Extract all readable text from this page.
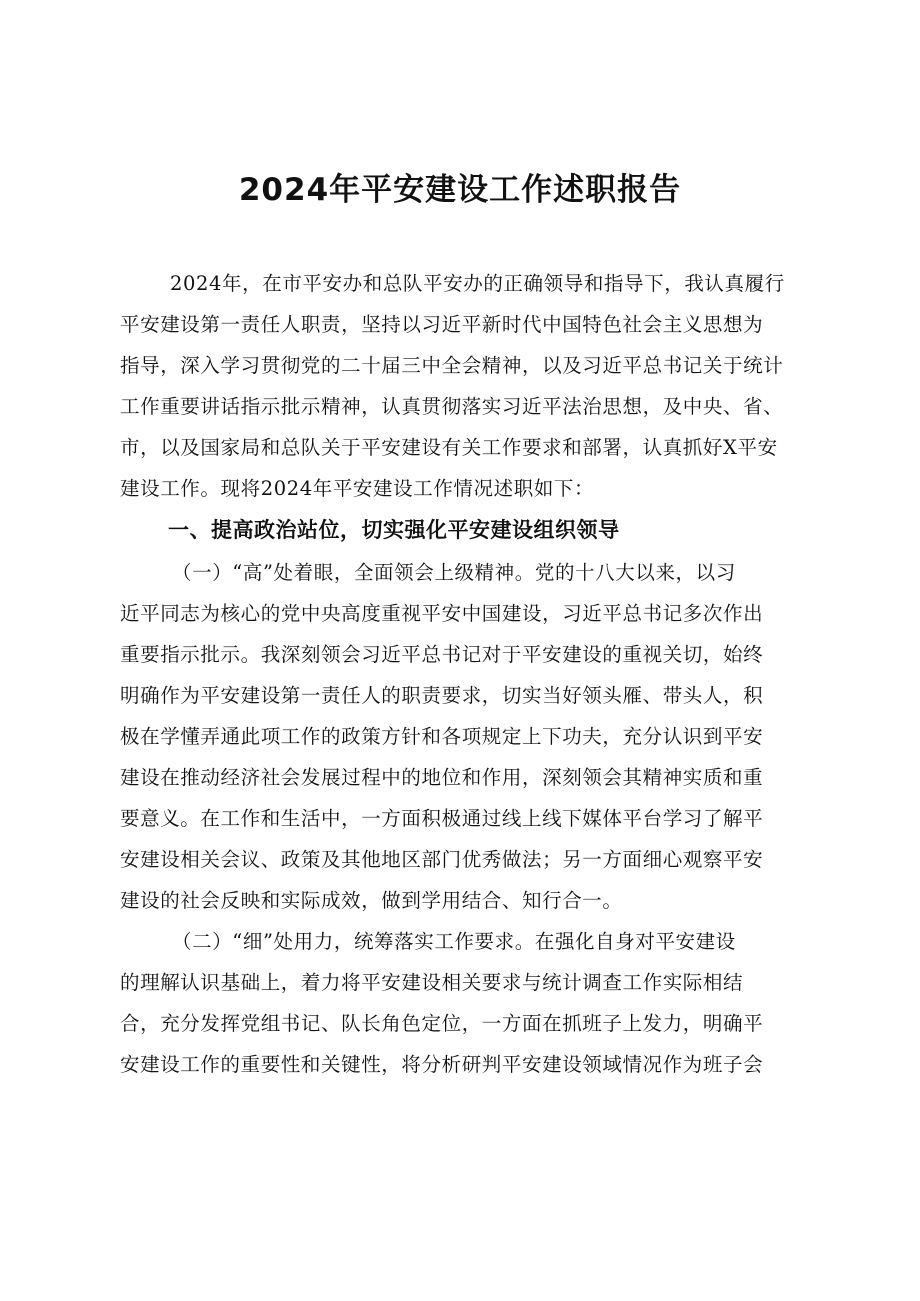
2024年平安建设工作述职报告
2024年，在市平安办和总队平安办的正确领导和指导下，我认真履行
平安建设第一责任人职责，坚持以习近平新时代中国特色社会主义思想为
指导，深入学习贯彻党的二十届三中全会精神，以及习近平总书记关于统计
工作重要讲话指示批示精神，认真贯彻落实习近平法治思想，及中央、省、
市，以及国家局和总队关于平安建设有关工作要求和部署，认真抓好X平安
建设工作。现将2024年平安建设工作情况述职如下：
一、提高政治站位，切实强化平安建设组织领导
（一）“高”处着眼，全面领会上级精神。党的十八大以来，以习
近平同志为核心的党中央高度重视平安中国建设，习近平总书记多次作出
重要指示批示。我深刻领会习近平总书记对于平安建设的重视关切，始终
明确作为平安建设第一责任人的职责要求，切实当好领头雁、带头人，积
极在学懂弄通此项工作的政策方针和各项规定上下功夫，充分认识到平安
建设在推动经济社会发展过程中的地位和作用，深刻领会其精神实质和重
要意义。在工作和生活中，一方面积极通过线上线下媒体平台学习了解平
安建设相关会议、政策及其他地区部门优秀做法；另一方面细心观察平安
建设的社会反映和实际成效，做到学用结合、知行合一。
（二）“细”处用力，统筹落实工作要求。在强化自身对平安建设
的理解认识基础上，着力将平安建设相关要求与统计调查工作实际相结
合，充分发挥党组书记、队长角色定位，一方面在抓班子上发力，明确平
安建设工作的重要性和关键性，将分析研判平安建设领域情况作为班子会
